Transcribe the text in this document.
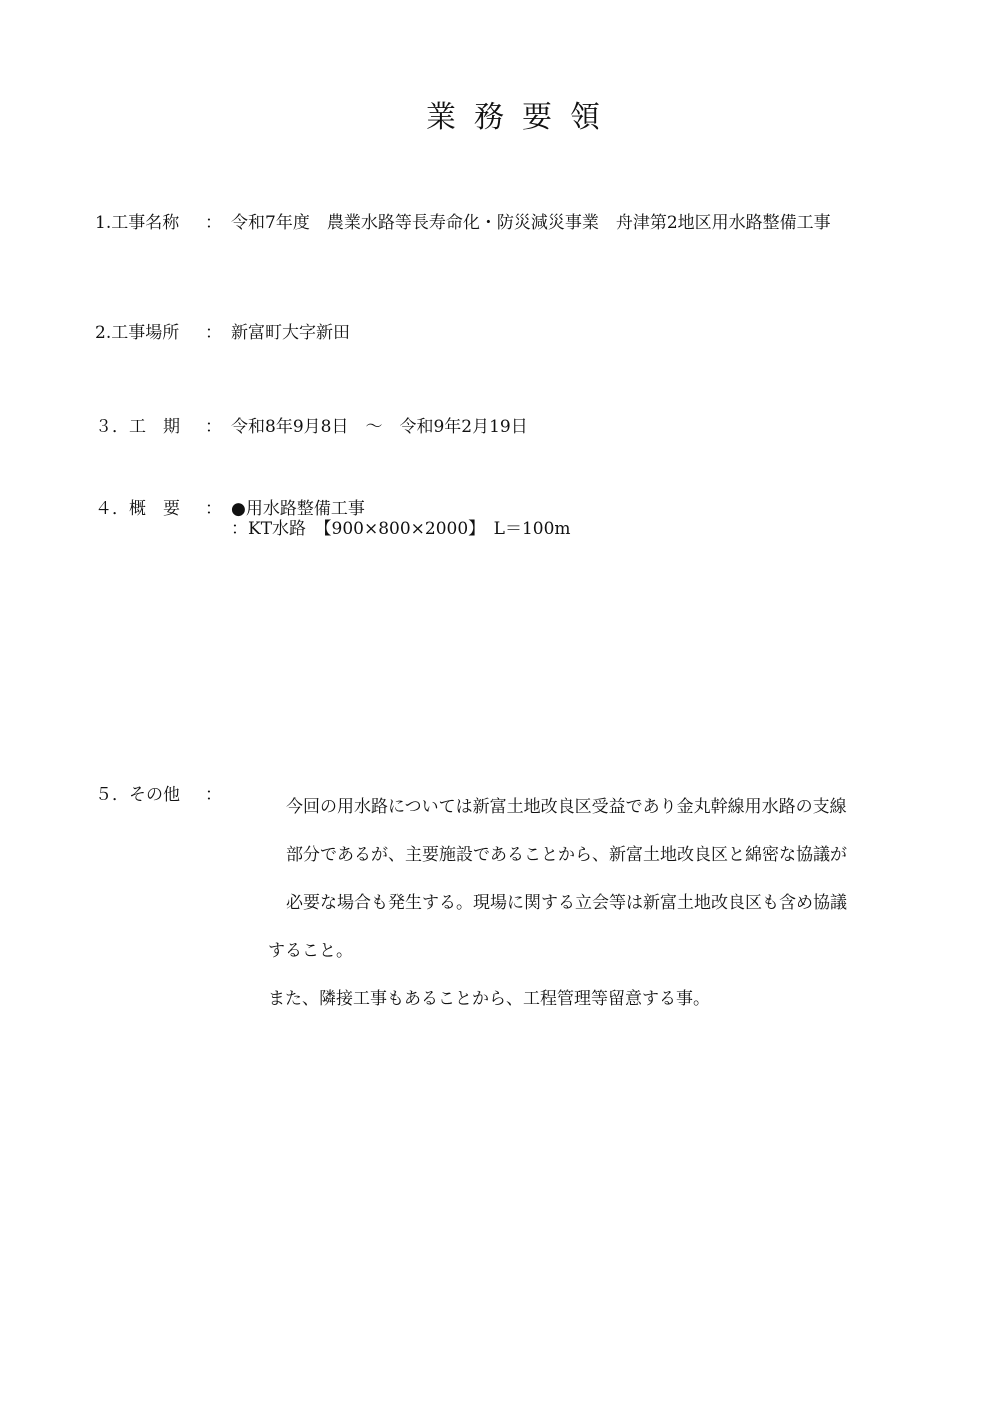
業務要領
1.工事名称 ： 令和7年度　農業水路等長寿命化・防災減災事業　舟津第2地区用水路整備工事
2.工事場所 ： 新富町大字新田
３．工　期 ： 令和8年9月8日　～　令和9年2月19日
４．概　要 ： ●用水路整備工事
：KT水路　【900×800×2000】　L＝100m
５．その他 ：
今回の用水路については新富土地改良区受益であり金丸幹線用水路の支線
部分であるが、主要施設であることから、新富土地改良区と綿密な協議が
必要な場合も発生する。現場に関する立会等は新富土地改良区も含め協議
すること。
また、隣接工事もあることから、工程管理等留意する事。
